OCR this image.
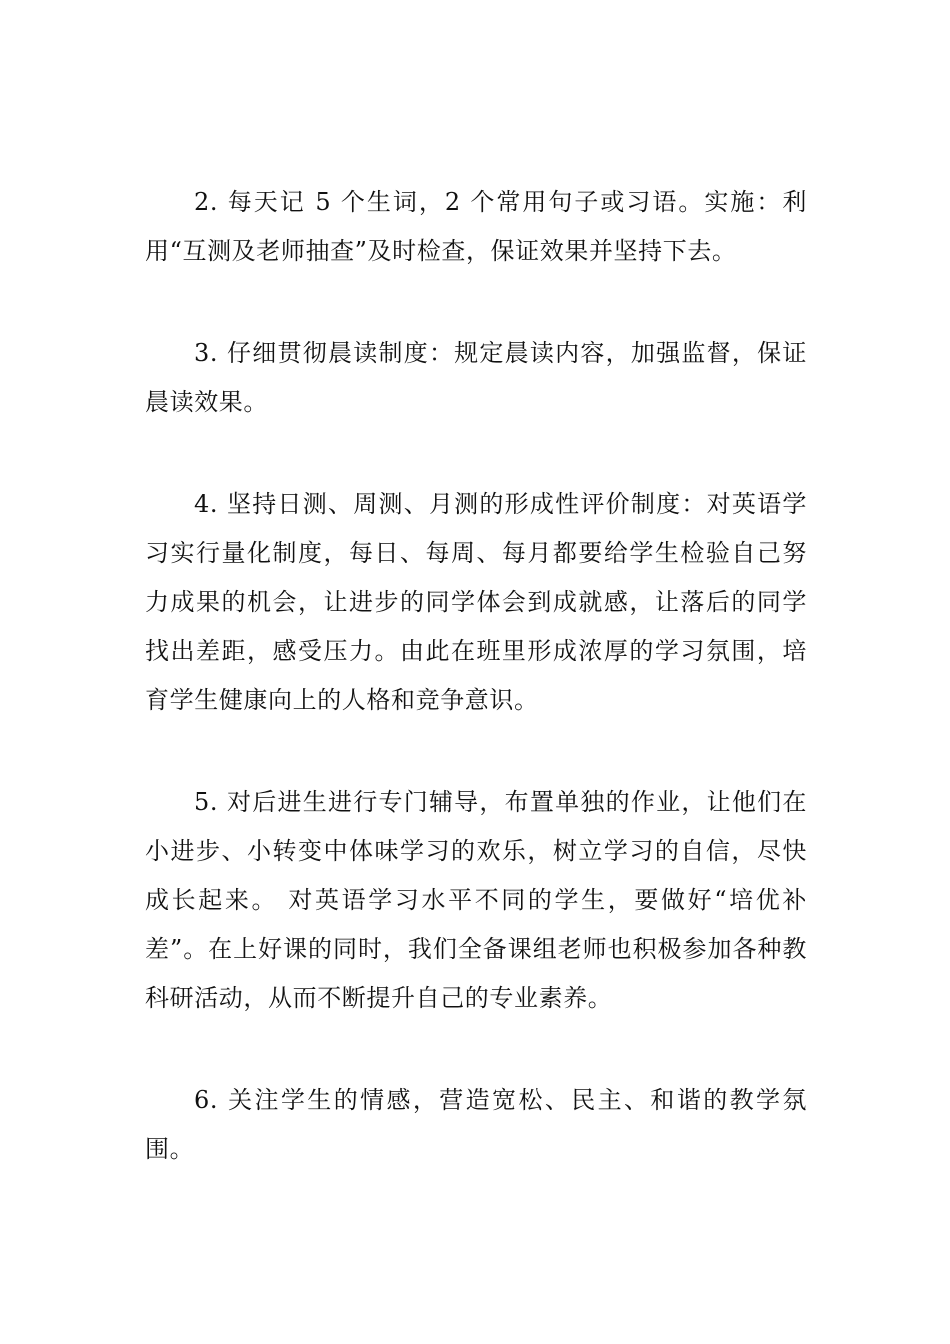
2. 每天记 5 个生词，2 个常用句子或习语。实施：利用“互测及老师抽查”及时检查，保证效果并坚持下去。

3. 仔细贯彻晨读制度：规定晨读内容，加强监督，保证晨读效果。

4. 坚持日测、周测、月测的形成性评价制度：对英语学习实行量化制度，每日、每周、每月都要给学生检验自己努力成果的机会，让进步的同学体会到成就感，让落后的同学找出差距，感受压力。由此在班里形成浓厚的学习氛围，培育学生健康向上的人格和竞争意识。

5. 对后进生进行专门辅导，布置单独的作业，让他们在小进步、小转变中体味学习的欢乐，树立学习的自信，尽快成长起来。 对英语学习水平不同的学生，要做好“培优补差”。在上好课的同时，我们全备课组老师也积极参加各种教科研活动，从而不断提升自己的专业素养。

6. 关注学生的情感，营造宽松、民主、和谐的教学氛围。
